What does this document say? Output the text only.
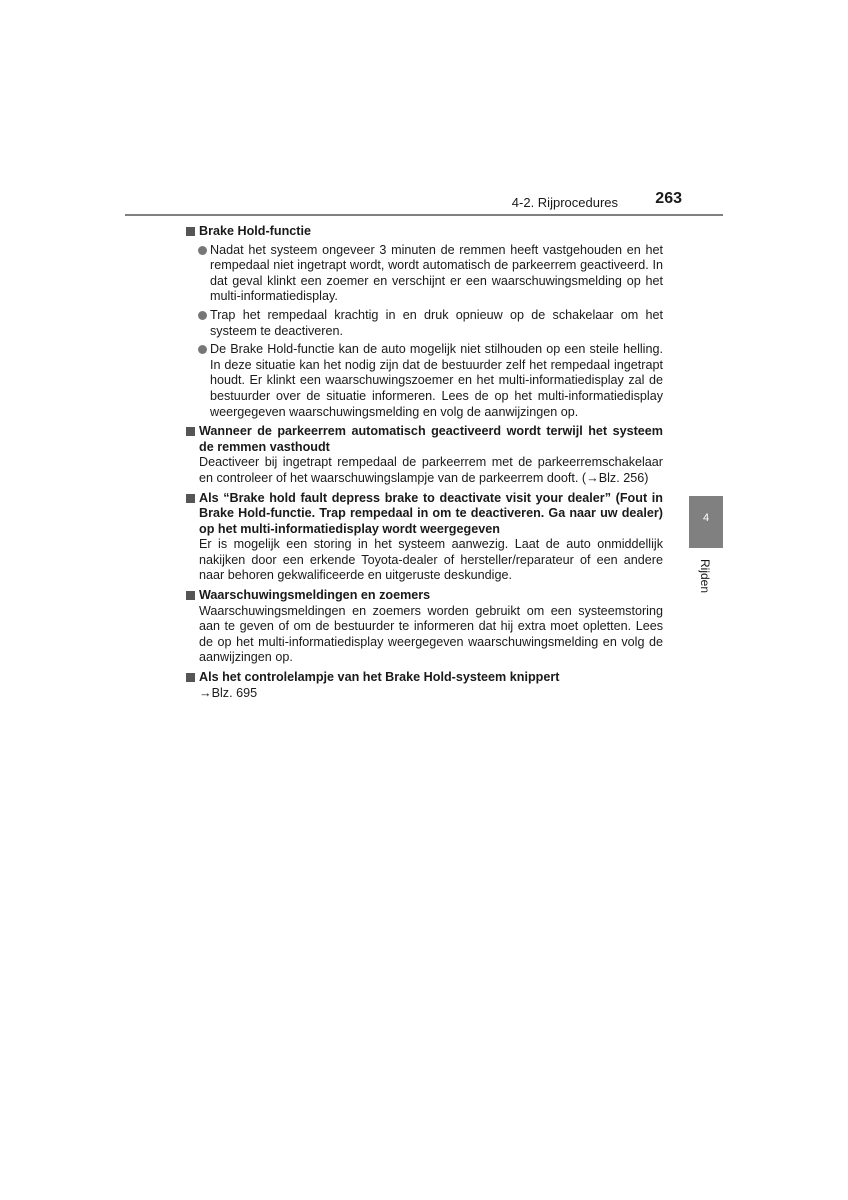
4-2. Rijprocedures 263
4
Rijden
Brake Hold-functie
Nadat het systeem ongeveer 3 minuten de remmen heeft vastgehouden en het rempedaal niet ingetrapt wordt, wordt automatisch de parkeerrem geactiveerd. In dat geval klinkt een zoemer en verschijnt er een waarschuwingsmelding op het multi-informatiedisplay.
Trap het rempedaal krachtig in en druk opnieuw op de schakelaar om het systeem te deactiveren.
De Brake Hold-functie kan de auto mogelijk niet stilhouden op een steile helling. In deze situatie kan het nodig zijn dat de bestuurder zelf het rempedaal ingetrapt houdt. Er klinkt een waarschuwingszoemer en het multi-informatiedisplay zal de bestuurder over de situatie informeren. Lees de op het multi-informatiedisplay weergegeven waarschuwingsmelding en volg de aanwijzingen op.
Wanneer de parkeerrem automatisch geactiveerd wordt terwijl het systeem de remmen vasthoudt
Deactiveer bij ingetrapt rempedaal de parkeerrem met de parkeerremschakelaar en controleer of het waarschuwingslampje van de parkeerrem dooft. (→Blz. 256)
Als “Brake hold fault depress brake to deactivate visit your dealer” (Fout in Brake Hold-functie. Trap rempedaal in om te deactiveren. Ga naar uw dealer) op het multi-informatiedisplay wordt weergegeven
Er is mogelijk een storing in het systeem aanwezig. Laat de auto onmiddellijk nakijken door een erkende Toyota-dealer of hersteller/reparateur of een andere naar behoren gekwalificeerde en uitgeruste deskundige.
Waarschuwingsmeldingen en zoemers
Waarschuwingsmeldingen en zoemers worden gebruikt om een systeemstoring aan te geven of om de bestuurder te informeren dat hij extra moet opletten. Lees de op het multi-informatiedisplay weergegeven waarschuwingsmelding en volg de aanwijzingen op.
Als het controlelampje van het Brake Hold-systeem knippert
→Blz. 695
